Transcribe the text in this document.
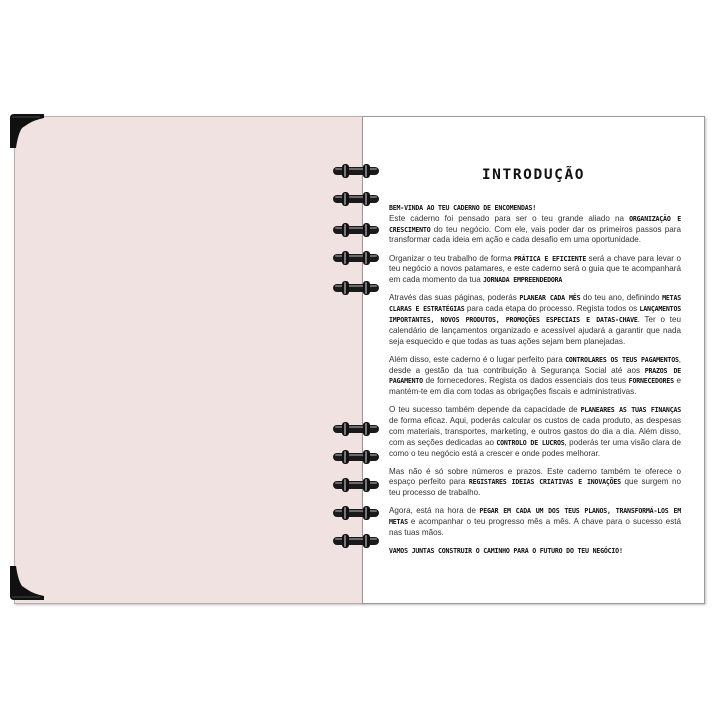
INTRODUÇÃO

BEM-VINDA AO TEU CADERNO DE ENCOMENDAS!
Este caderno foi pensado para ser o teu grande aliado na ORGANIZAÇÃO E CRESCIMENTO do teu negócio. Com ele, vais poder dar os primeiros passos para transformar cada ideia em ação e cada desafio em uma oportunidade.

Organizar o teu trabalho de forma PRÁTICA E EFICIENTE será a chave para levar o teu negócio a novos patamares, e este caderno será o guia que te acompanhará em cada momento da tua JORNADA EMPREENDEDORA

Através das suas páginas, poderás PLANEAR CADA MÊS do teu ano, definindo METAS CLARAS E ESTRATÉGIAS para cada etapa do processo. Regista todos os LANÇAMENTOS IMPORTANTES, NOVOS PRODUTOS, PROMOÇÕES ESPECIAIS E DATAS-CHAVE. Ter o teu calendário de lançamentos organizado e acessível ajudará a garantir que nada seja esquecido e que todas as tuas ações sejam bem planejadas.

Além disso, este caderno é o lugar perfeito para CONTROLARES OS TEUS PAGAMENTOS, desde a gestão da tua contribuição à Segurança Social até aos PRAZOS DE PAGAMENTO de fornecedores. Regista os dados essenciais dos teus FORNECEDORES e mantém-te em dia com todas as obrigações fiscais e administrativas.

O teu sucesso também depende da capacidade de PLANEARES AS TUAS FINANÇAS de forma eficaz. Aqui, poderás calcular os custos de cada produto, as despesas com materiais, transportes, marketing, e outros gastos do dia a dia. Além disso, com as seções dedicadas ao CONTROLO DE LUCROS, poderás ter uma visão clara de como o teu negócio está a crescer e onde podes melhorar.

Mas não é só sobre números e prazos. Este caderno também te oferece o espaço perfeito para REGISTARES IDEIAS CRIATIVAS E INOVAÇÕES que surgem no teu processo de trabalho.

Agora, está na hora de PEGAR EM CADA UM DOS TEUS PLANOS, TRANSFORMÁ-LOS EM METAS e acompanhar o teu progresso mês a mês. A chave para o sucesso está nas tuas mãos.

VAMOS JUNTAS CONSTRUIR O CAMINHO PARA O FUTURO DO TEU NEGÓCIO!
